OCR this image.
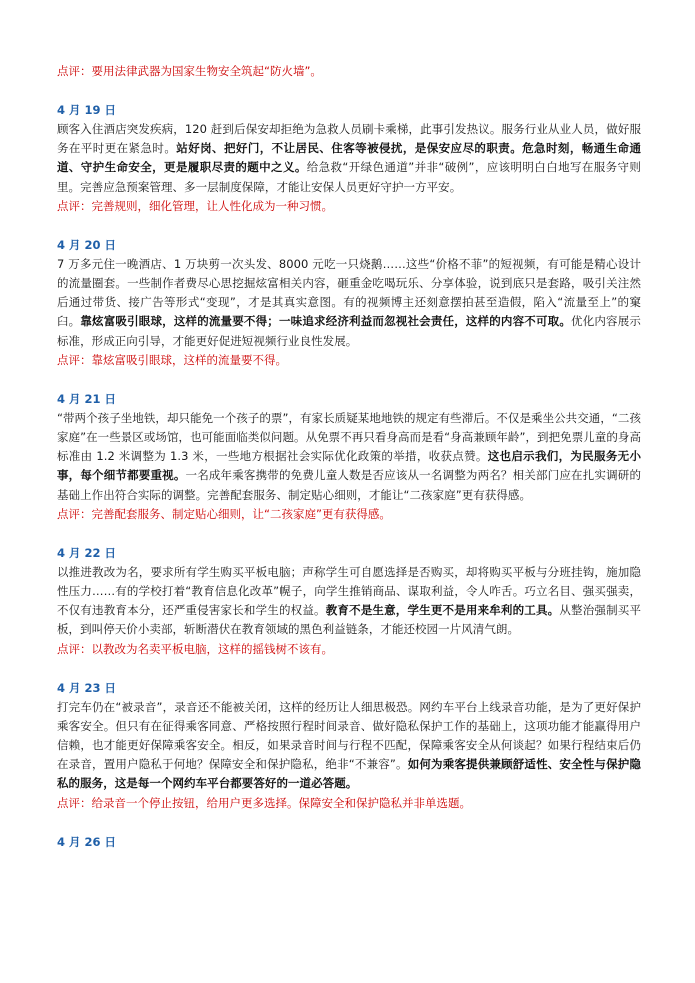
点评：要用法律武器为国家生物安全筑起“防火墙”。
4 月 19 日
顾客入住酒店突发疾病，120 赶到后保安却拒绝为急救人员刷卡乘梯，此事引发热议。服务行业从业人员，做好服务在平时更在紧急时。站好岗、把好门，不让居民、住客等被侵扰，是保安应尽的职责。危急时刻，畅通生命通道、守护生命安全，更是履职尽责的题中之义。给急救“开绿色通道”并非“破例”，应该明明白白地写在服务守则里。完善应急预案管理、多一层制度保障，才能让安保人员更好守护一方平安。
点评：完善规则，细化管理，让人性化成为一种习惯。
4 月 20 日
7 万多元住一晚酒店、1 万块剪一次头发、8000 元吃一只烧鹅……这些“价格不菲”的短视频，有可能是精心设计的流量圈套。一些制作者费尽心思挖掘炫富相关内容，砸重金吃喝玩乐、分享体验，说到底只是套路，吸引关注然后通过带货、接广告等形式“变现”，才是其真实意图。有的视频博主还刻意摆拍甚至造假，陷入“流量至上”的窠臼。靠炫富吸引眼球，这样的流量要不得；一味追求经济利益而忽视社会责任，这样的内容不可取。优化内容展示标准，形成正向引导，才能更好促进短视频行业良性发展。
点评：靠炫富吸引眼球，这样的流量要不得。
4 月 21 日
“带两个孩子坐地铁，却只能免一个孩子的票”，有家长质疑某地地铁的规定有些滞后。不仅是乘坐公共交通，“二孩家庭”在一些景区或场馆，也可能面临类似问题。从免票不再只看身高而是看“身高兼顾年龄”，到把免票儿童的身高标准由 1.2 米调整为 1.3 米，一些地方根据社会实际优化政策的举措，收获点赞。这也启示我们，为民服务无小事，每个细节都要重视。一名成年乘客携带的免费儿童人数是否应该从一名调整为两名？相关部门应在扎实调研的基础上作出符合实际的调整。完善配套服务、制定贴心细则，才能让“二孩家庭”更有获得感。
点评：完善配套服务、制定贴心细则，让“二孩家庭”更有获得感。
4 月 22 日
以推进教改为名，要求所有学生购买平板电脑；声称学生可自愿选择是否购买，却将购买平板与分班挂钩，施加隐性压力……有的学校打着“教育信息化改革”幌子，向学生推销商品、谋取利益，令人咋舌。巧立名目、强买强卖，不仅有违教育本分，还严重侵害家长和学生的权益。教育不是生意，学生更不是用来牟利的工具。从整治强制买平板，到叫停天价小卖部，斩断潜伏在教育领域的黑色利益链条，才能还校园一片风清气朗。
点评：以教改为名卖平板电脑，这样的摇钱树不该有。
4 月 23 日
打完车仍在“被录音”，录音还不能被关闭，这样的经历让人细思极恐。网约车平台上线录音功能，是为了更好保护乘客安全。但只有在征得乘客同意、严格按照行程时间录音、做好隐私保护工作的基础上，这项功能才能赢得用户信赖，也才能更好保障乘客安全。相反，如果录音时间与行程不匹配，保障乘客安全从何谈起？如果行程结束后仍在录音，置用户隐私于何地？保障安全和保护隐私，绝非“不兼容”。如何为乘客提供兼顾舒适性、安全性与保护隐私的服务，这是每一个网约车平台都要答好的一道必答题。
点评：给录音一个停止按钮，给用户更多选择。保障安全和保护隐私并非单选题。
4 月 26 日
